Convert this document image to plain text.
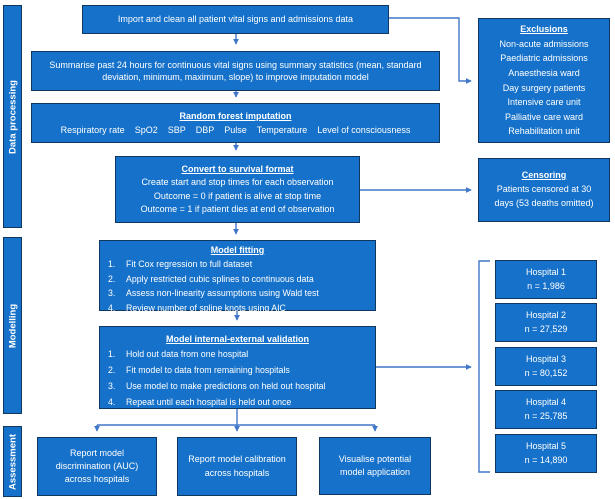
Data processing
Modelling
Assessment
Import and clean all patient vital signs and admissions data
Summarise past 24 hours for continuous vital signs using summary statistics (mean, standard deviation, minimum, maximum, slope) to improve imputation model
Random forest imputation
Respiratory rate SpO2 SBP DBP Pulse Temperature Level of consciousness
Convert to survival format
Create start and stop times for each observation
Outcome = 0 if patient is alive at stop time
Outcome = 1 if patient dies at end of observation
Model fitting
Fit Cox regression to full dataset
Apply restricted cubic splines to continuous data
Assess non-linearity assumptions using Wald test
Review number of spline knots using AIC
Model internal-external validation
Hold out data from one hospital
Fit model to data from remaining hospitals
Use model to make predictions on held out hospital
Repeat until each hospital is held out once
Report model discrimination (AUC) across hospitals
Report model calibration across hospitals
Visualise potential model application
Exclusions
Non-acute admissions
Paediatric admissions
Anaesthesia ward
Day surgery patients
Intensive care unit
Palliative care ward
Rehabilitation unit
Censoring
Patients censored at 30 days (53 deaths omitted)
Hospital 1
n = 1,986
Hospital 2
n = 27,529
Hospital 3
n = 80,152
Hospital 4
n = 25,785
Hospital 5
n = 14,890
